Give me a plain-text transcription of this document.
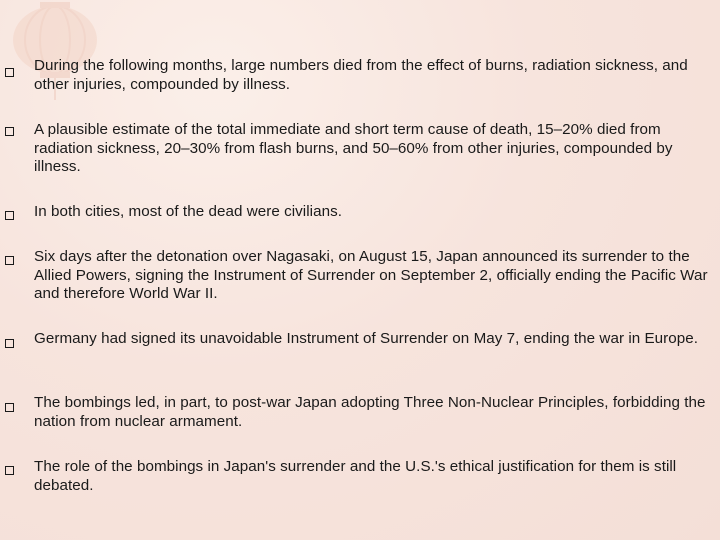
During the following months, large numbers died from the effect of burns, radiation sickness, and other injuries, compounded by illness.
A plausible estimate of the total immediate and short term cause of death, 15–20% died from radiation sickness, 20–30% from flash burns, and 50–60% from other injuries, compounded by illness.
In both cities, most of the dead were civilians.
Six days after the detonation over Nagasaki, on August 15, Japan announced its surrender to the Allied Powers, signing the Instrument of Surrender on September 2, officially ending the Pacific War and therefore World War II.
Germany had signed its unavoidable Instrument of Surrender on May 7, ending the war in Europe.
The bombings led, in part, to post-war Japan adopting Three Non-Nuclear Principles, forbidding the nation from nuclear armament.
The role of the bombings in Japan's surrender and the U.S.'s ethical justification for them is still debated.
